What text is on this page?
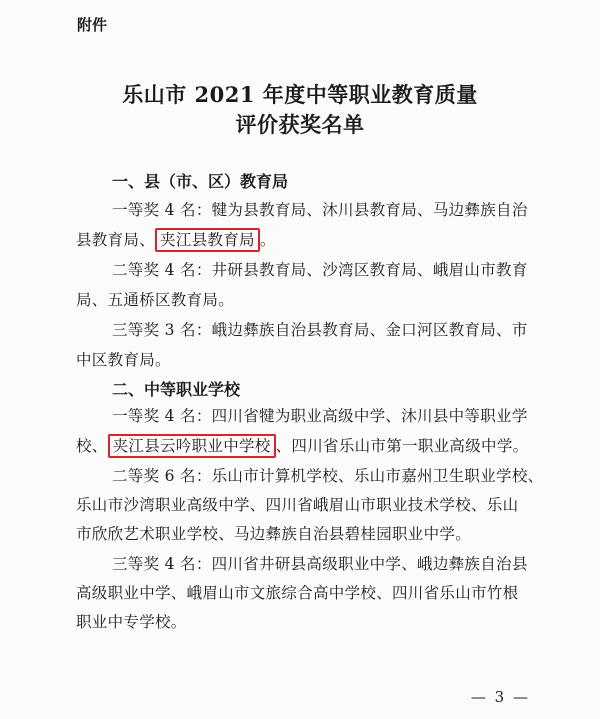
附件
乐山市 2021 年度中等职业教育质量
评价获奖名单
一、县（市、区）教育局
一等奖 4 名：犍为县教育局、沐川县教育局、马边彝族自治
县教育局、 夹江县教育局 。
二等奖 4 名：井研县教育局、沙湾区教育局、峨眉山市教育
局、五通桥区教育局。
三等奖 3 名：峨边彝族自治县教育局、金口河区教育局、市
中区教育局。
二、中等职业学校
一等奖 4 名：四川省犍为职业高级中学、沐川县中等职业学
校、 夹江县云吟职业中学校 、四川省乐山市第一职业高级中学。
二等奖 6 名：乐山市计算机学校、乐山市嘉州卫生职业学校、
乐山市沙湾职业高级中学、四川省峨眉山市职业技术学校、乐山
市欣欣艺术职业学校、马边彝族自治县碧桂园职业中学。
三等奖 4 名：四川省井研县高级职业中学、峨边彝族自治县
高级职业中学、峨眉山市文旅综合高中学校、四川省乐山市竹根
职业中专学校。
— 3 —
